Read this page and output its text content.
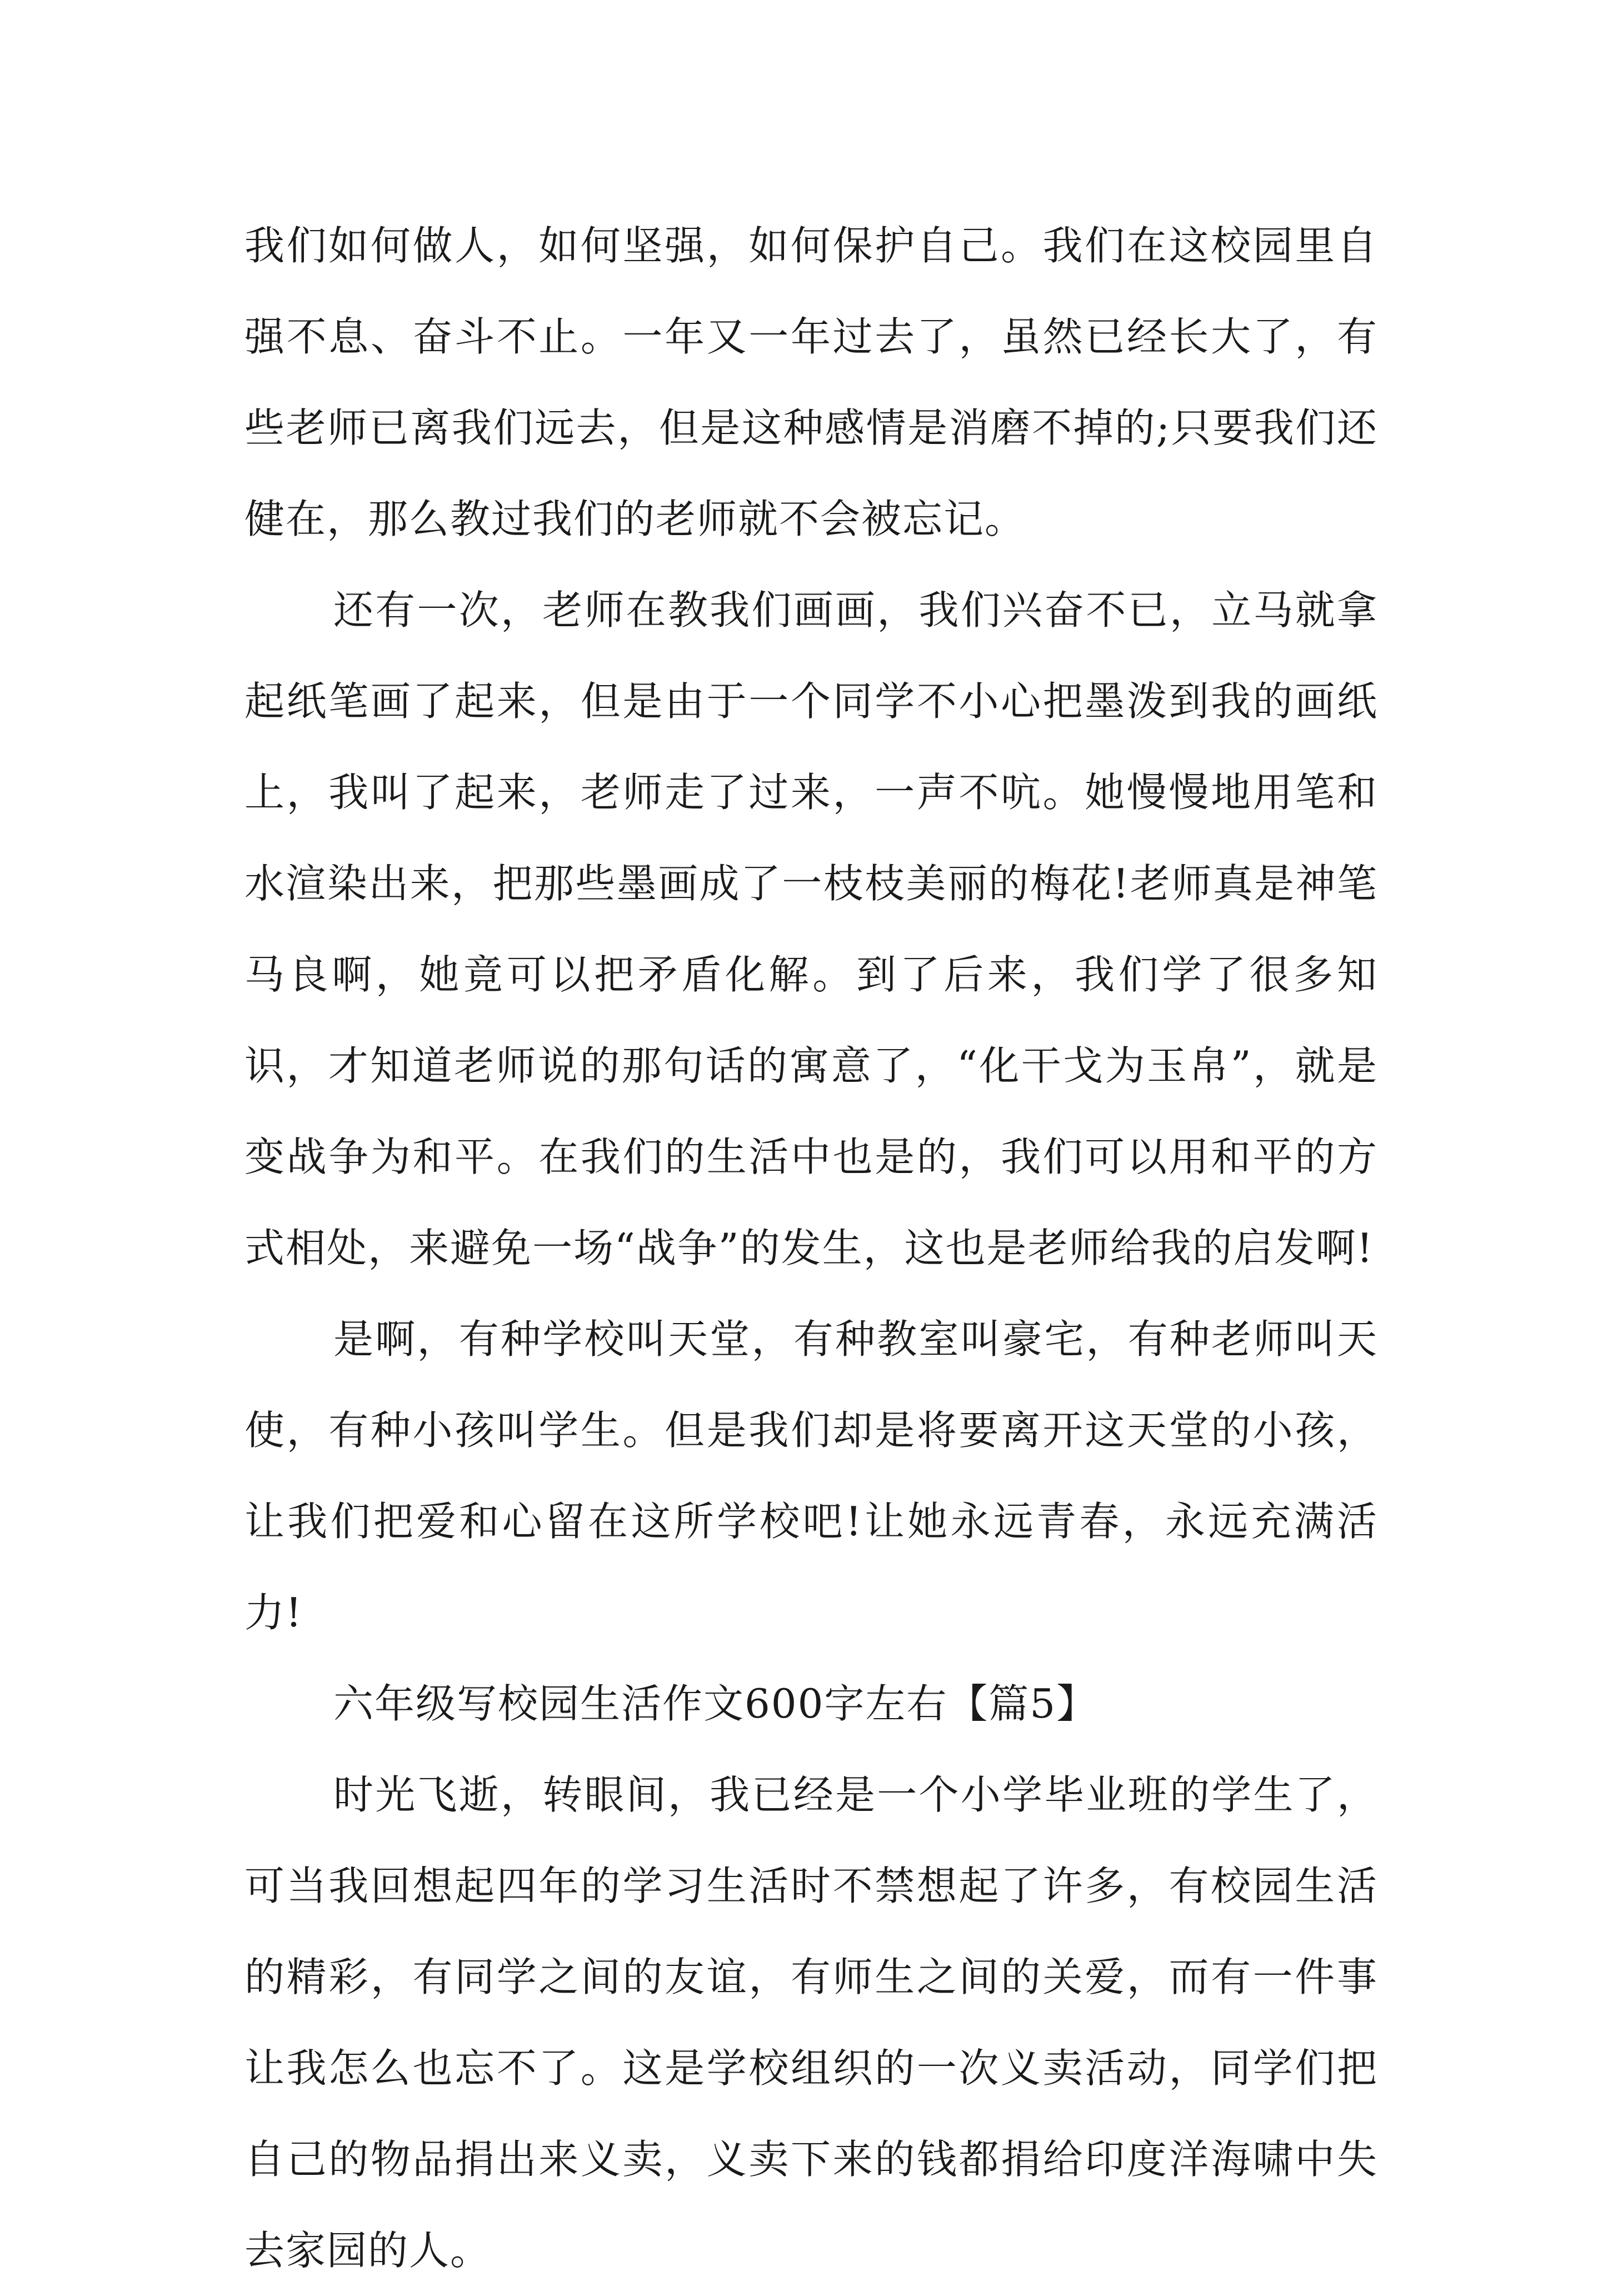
我们如何做人，如何坚强，如何保护自己。我们在这校园里自强不息、奋斗不止。一年又一年过去了，虽然已经长大了，有些老师已离我们远去，但是这种感情是消磨不掉的;只要我们还健在，那么教过我们的老师就不会被忘记。

还有一次，老师在教我们画画，我们兴奋不已，立马就拿起纸笔画了起来，但是由于一个同学不小心把墨泼到我的画纸上，我叫了起来，老师走了过来，一声不吭。她慢慢地用笔和水渲染出来，把那些墨画成了一枝枝美丽的梅花!老师真是神笔马良啊，她竟可以把矛盾化解。到了后来，我们学了很多知识，才知道老师说的那句话的寓意了，“化干戈为玉帛”，就是变战争为和平。在我们的生活中也是的，我们可以用和平的方式相处，来避免一场“战争”的发生，这也是老师给我的启发啊!

是啊，有种学校叫天堂，有种教室叫豪宅，有种老师叫天使，有种小孩叫学生。但是我们却是将要离开这天堂的小孩，让我们把爱和心留在这所学校吧!让她永远青春，永远充满活力!

六年级写校园生活作文600字左右【篇5】

时光飞逝，转眼间，我已经是一个小学毕业班的学生了，可当我回想起四年的学习生活时不禁想起了许多，有校园生活的精彩，有同学之间的友谊，有师生之间的关爱，而有一件事让我怎么也忘不了。这是学校组织的一次义卖活动，同学们把自己的物品捐出来义卖，义卖下来的钱都捐给印度洋海啸中失去家园的人。
